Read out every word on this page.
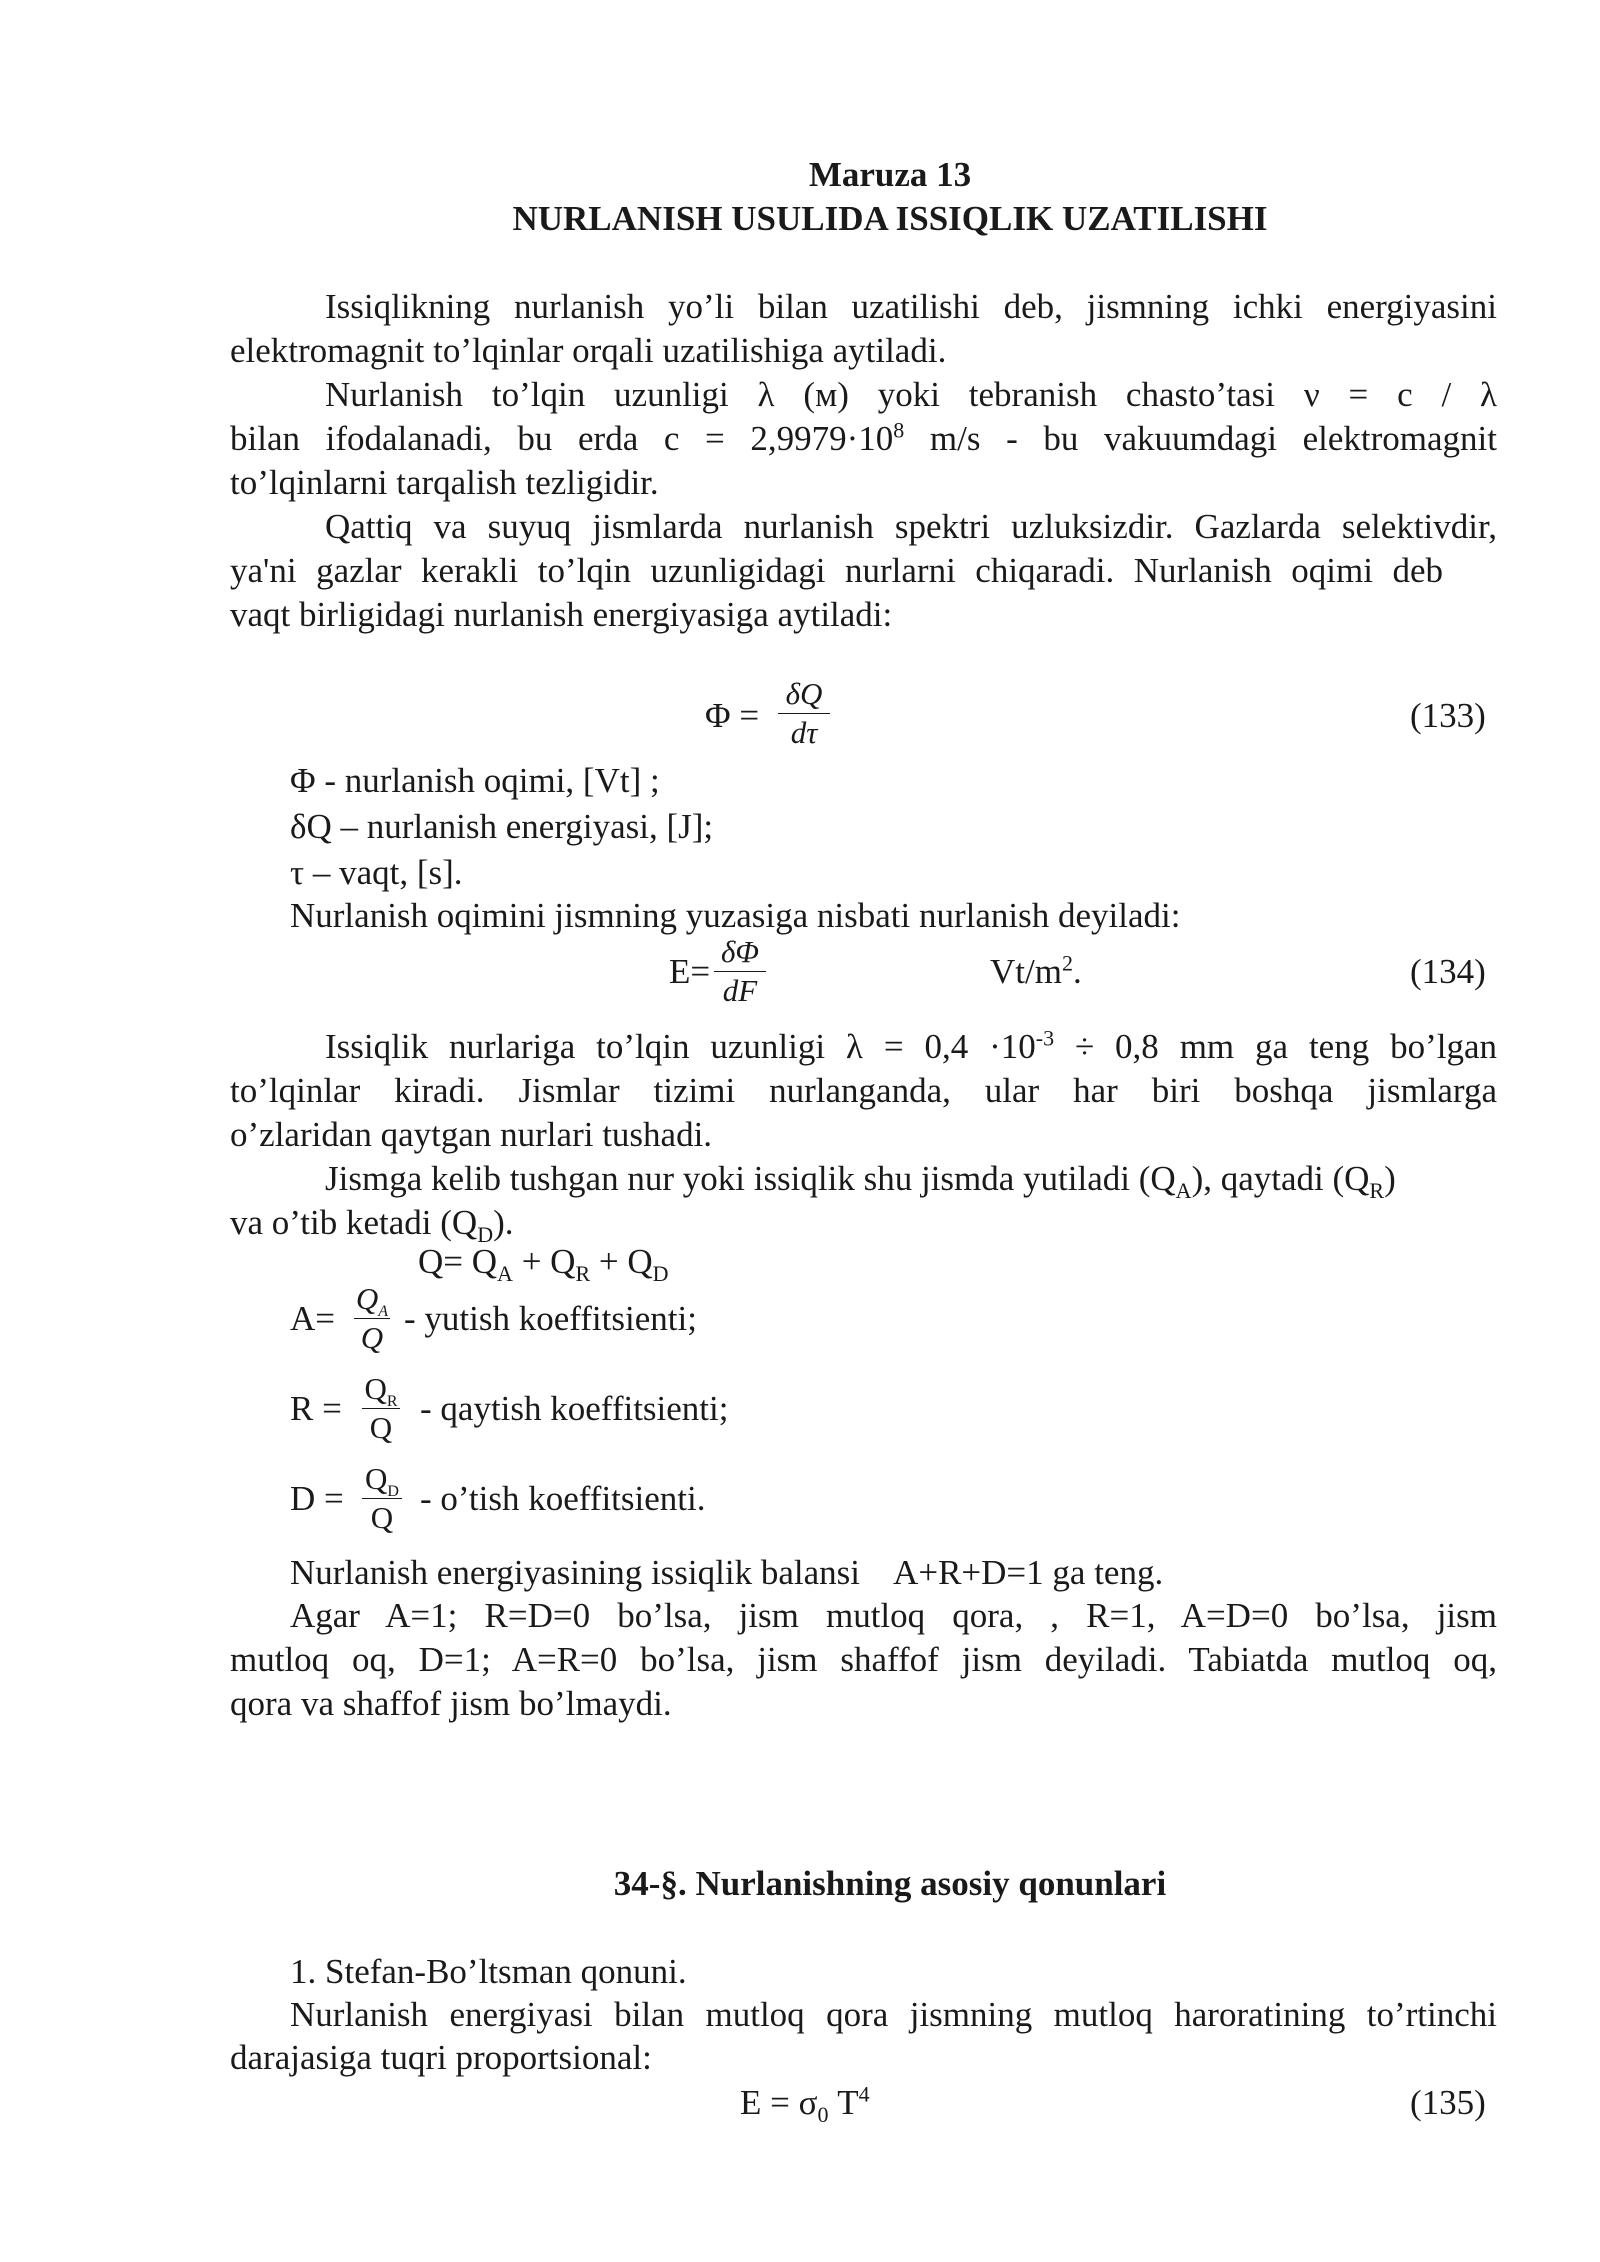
Maruza 13
NURLANISH USULIDA ISSIQLIK UZATILISHI
Issiqlikning nurlanish yo’li bilan uzatilishi deb, jismning ichki energiyasini
elektromagnit to’lqinlar orqali uzatilishiga aytiladi.
Nurlanish to’lqin uzunligi λ (м) yoki tebranish chasto’tasi ν = c / λ
bilan ifodalanadi, bu erda $c = 2,9979\cdot 10^8$ m/s - bu vakuumdagi elektromagnit
to’lqinlarni tarqalish tezligidir.
Qattiq va suyuq jismlarda nurlanish spektri uzluksizdir. Gazlarda selektivdir,
ya'ni gazlar kerakli to’lqin uzunligidagi nurlarni chiqaradi. Nurlanish oqimi deb
vaqt birligidagi nurlanish energiyasiga aytiladi:
Φ =
δQ
dτ	(133)
Φ - nurlanish oqimi, [Vt] ;
δQ – nurlanish energiyasi, [J];
τ – vaqt, [s].
Nurlanish oqimini jismning yuzasiga nisbati nurlanish deyiladi:
E=
δΦ
dF	$Vt/m^2$.	(134)
Issiqlik nurlariga to’lqin uzunligi $\lambda = 0,4 \cdot 10^{-3} \div 0,8$ mm ga teng bo’lgan
to’lqinlar kiradi. Jismlar tizimi nurlanganda, ular har biri boshqa jismlarga
o’zlaridan qaytgan nurlari tushadi.
Jismga kelib tushgan nur yoki issiqlik shu jismda yutiladi $(Q_A)$, qaytadi $(Q_R)$
va o’tib ketadi $(Q_D)$.
$Q= Q_A + Q_R + Q_D$
A=
$Q_A$
Q - yutish koeffitsienti;
R =
$Q_R$
Q - qaytish koeffitsienti;
D =
$Q_D$
Q - o’tish koeffitsienti.
Nurlanish energiyasining issiqlik balansi    A+R+D=1 ga teng.
Agar A=1; R=D=0 bo’lsa, jism mutloq qora, , R=1, A=D=0 bo’lsa, jism
mutloq oq, D=1; A=R=0 bo’lsa, jism shaffof jism deyiladi. Tabiatda mutloq oq,
qora va shaffof jism bo’lmaydi.
34-§. Nurlanishning asosiy qonunlari
1. Stefan-Bo’ltsman qonuni.
Nurlanish energiyasi bilan mutloq qora jismning mutloq haroratining to’rtinchi
darajasiga tuqri proportsional:
$E = \sigma_0$ $T^4$	(135)
